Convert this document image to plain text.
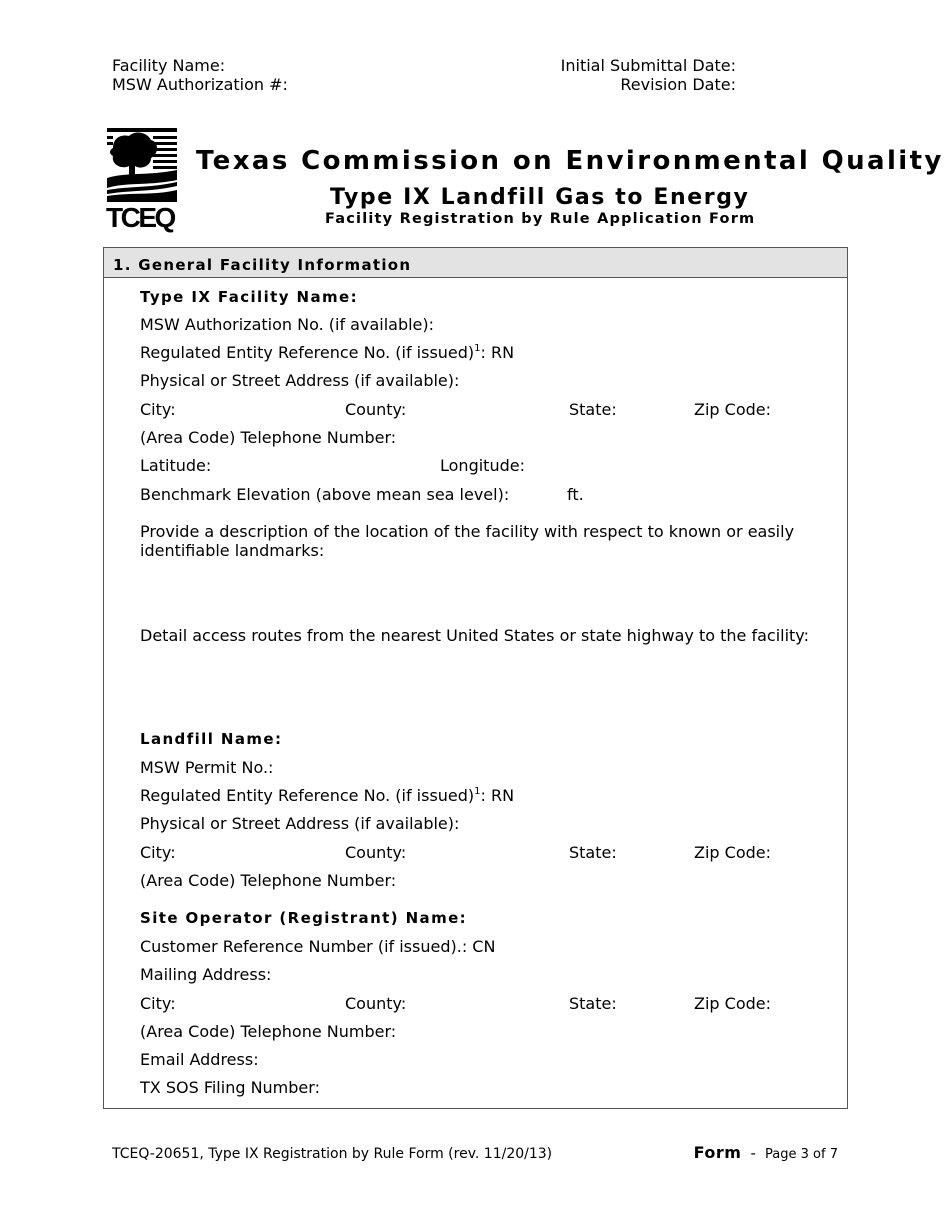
Facility Name:
MSW Authorization #:
Initial Submittal Date:
Revision Date:
TCEQ
Texas Commission on Environmental Quality
Type IX Landfill Gas to Energy
Facility Registration by Rule Application Form
1. General Facility Information
Type IX Facility Name:
MSW Authorization No. (if available):
Regulated Entity Reference No. (if issued)$^1$: RN
Physical or Street Address (if available):
City:	County:	State:	Zip Code:
(Area Code) Telephone Number:
Latitude:	Longitude:
Benchmark Elevation (above mean sea level):	ft.
Provide a description of the location of the facility with respect to known or easily
identifiable landmarks:
Detail access routes from the nearest United States or state highway to the facility:
Landfill Name:
MSW Permit No.:
Regulated Entity Reference No. (if issued)$^1$: RN
Physical or Street Address (if available):
City:	County:	State:	Zip Code:
(Area Code) Telephone Number:
Site Operator (Registrant) Name:
Customer Reference Number (if issued).: CN
Mailing Address:
City:	County:	State:	Zip Code:
(Area Code) Telephone Number:
Email Address:
TX SOS Filing Number:
TCEQ-20651, Type IX Registration by Rule Form (rev. 11/20/13)	Form - Page 3 of 7
